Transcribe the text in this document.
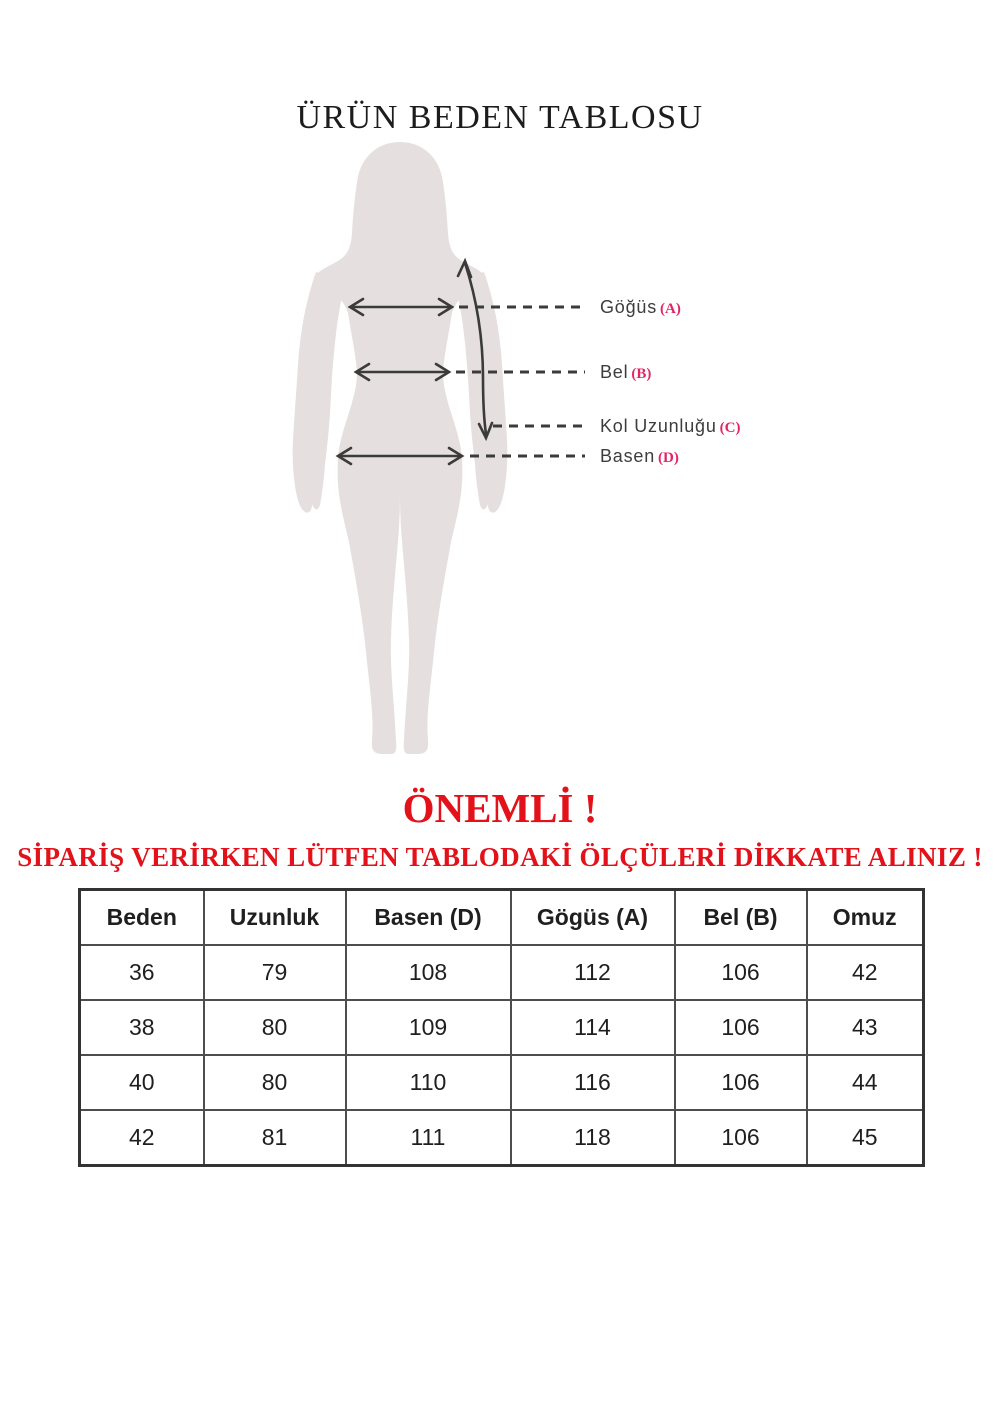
ÜRÜN BEDEN TABLOSU
Göğüs (A)
Bel (B)
Kol Uzunluğu (C)
Basen (D)
ÖNEMLİ !
SİPARİŞ VERİRKEN LÜTFEN TABLODAKİ ÖLÇÜLERİ DİKKATE ALINIZ !
Beden	Uzunluk	Basen (D)	Gögüs (A)	Bel (B)	Omuz
36	79	108	112	106	42
38	80	109	114	106	43
40	80	110	116	106	44
42	81	111	118	106	45
